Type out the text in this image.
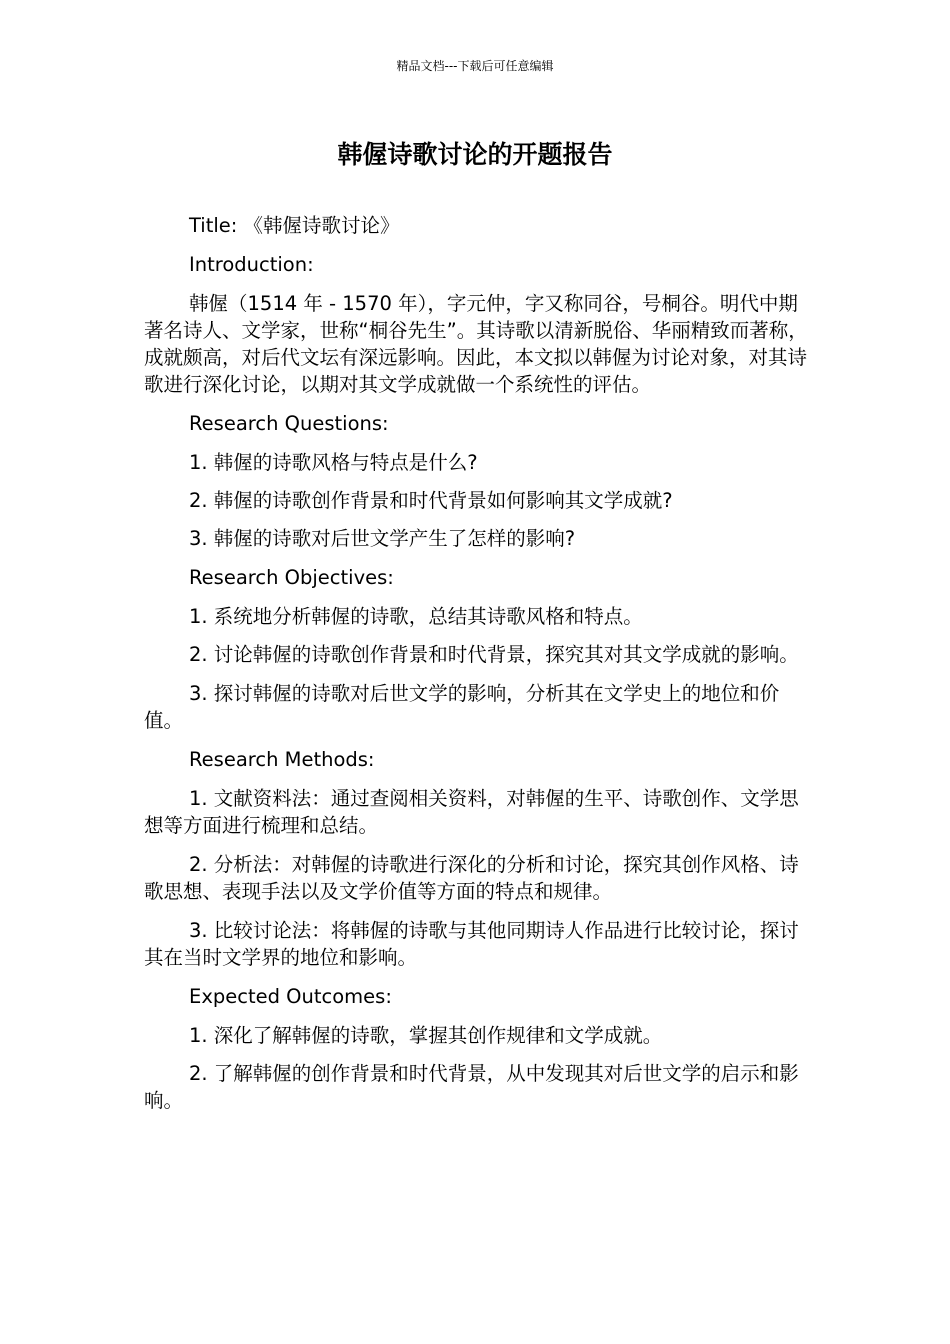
精品文档---下载后可任意编辑
韩偓诗歌讨论的开题报告

Title: 《韩偓诗歌讨论》

Introduction:

韩偓（1514 年 - 1570 年），字元仲，字又称同谷，号桐谷。明代中期著名诗人、文学家，世称“桐谷先生”。其诗歌以清新脱俗、华丽精致而著称，成就颇高，对后代文坛有深远影响。因此，本文拟以韩偓为讨论对象，对其诗歌进行深化讨论，以期对其文学成就做一个系统性的评估。

Research Questions:

1. 韩偓的诗歌风格与特点是什么?

2. 韩偓的诗歌创作背景和时代背景如何影响其文学成就?

3. 韩偓的诗歌对后世文学产生了怎样的影响?

Research Objectives:

1. 系统地分析韩偓的诗歌，总结其诗歌风格和特点。

2. 讨论韩偓的诗歌创作背景和时代背景，探究其对其文学成就的影响。

3. 探讨韩偓的诗歌对后世文学的影响，分析其在文学史上的地位和价值。

Research Methods:

1. 文献资料法：通过查阅相关资料，对韩偓的生平、诗歌创作、文学思想等方面进行梳理和总结。

2. 分析法：对韩偓的诗歌进行深化的分析和讨论，探究其创作风格、诗歌思想、表现手法以及文学价值等方面的特点和规律。

3. 比较讨论法：将韩偓的诗歌与其他同期诗人作品进行比较讨论，探讨其在当时文学界的地位和影响。

Expected Outcomes:

1. 深化了解韩偓的诗歌，掌握其创作规律和文学成就。

2. 了解韩偓的创作背景和时代背景，从中发现其对后世文学的启示和影响。
